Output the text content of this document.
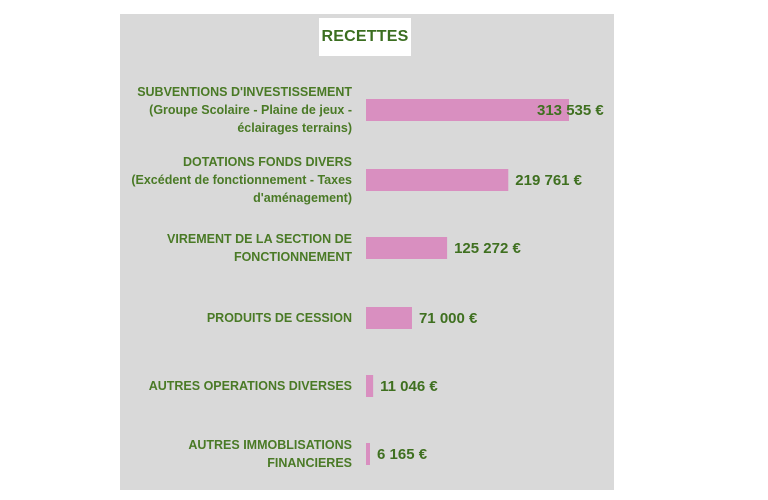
RECETTES
313 535 €
SUBVENTIONS D'INVESTISSEMENT
(Groupe Scolaire - Plaine de jeux -
éclairages terrains)
219 761 €
DOTATIONS FONDS DIVERS
(Excédent de fonctionnement - Taxes
d'aménagement)
125 272 €
VIREMENT DE LA SECTION DE
FONCTIONNEMENT
71 000 €
PRODUITS DE CESSION
11 046 €
AUTRES OPERATIONS DIVERSES
6 165 €
AUTRES IMMOBLISATIONS
FINANCIERES
